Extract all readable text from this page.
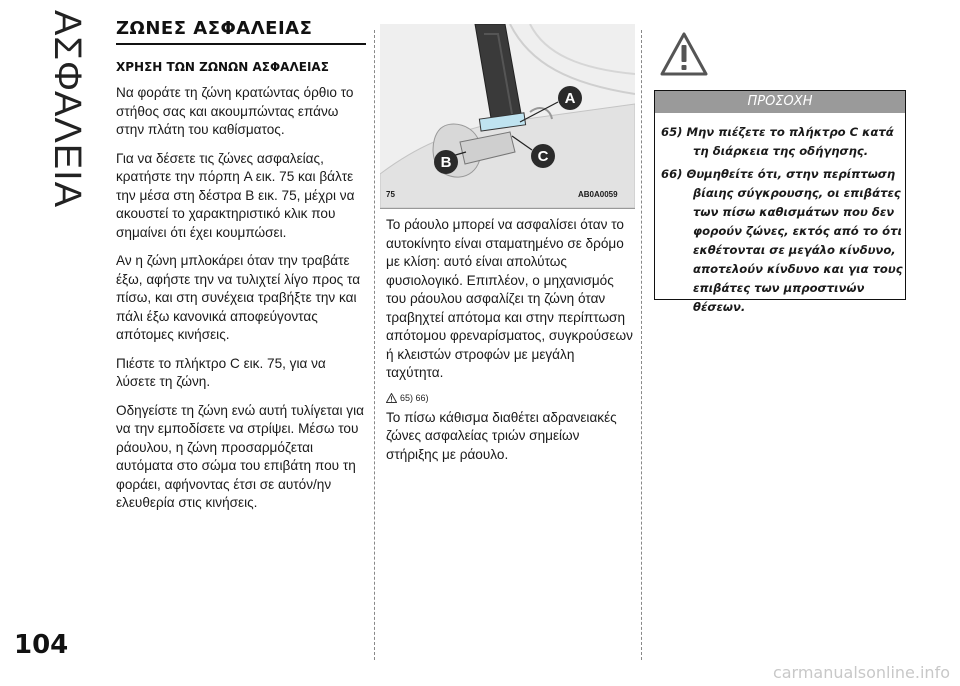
ΑΣΦΑΛΕΙΑ
104
ΖΩΝΕΣ ΑΣΦΑΛΕΙΑΣ
ΧΡΗΣΗ ΤΩΝ ΖΩΝΩΝ ΑΣΦΑΛΕΙΑΣ

Να φοράτε τη ζώνη κρατώντας όρθιο το στήθος σας και ακουμπώντας επάνω στην πλάτη του καθίσματος.

Για να δέσετε τις ζώνες ασφαλείας, κρατήστε την πόρπη A εικ. 75 και βάλτε την μέσα στη δέστρα B εικ. 75, μέχρι να ακουστεί το χαρακτηριστικό κλικ που σημαίνει ότι έχει κουμπώσει.

Αν η ζώνη μπλοκάρει όταν την τραβάτε έξω, αφήστε την να τυλιχτεί λίγο προς τα πίσω, και στη συνέχεια τραβήξτε την και πάλι έξω κανονικά αποφεύγοντας απότομες κινήσεις.

Πιέστε το πλήκτρο C εικ. 75, για να λύσετε τη ζώνη.

Οδηγείστε τη ζώνη ενώ αυτή τυλίγεται για να την εμποδίσετε να στρίψει. Μέσω του ράουλου, η ζώνη προσαρμόζεται αυτόματα στο σώμα του επιβάτη που τη φοράει, αφήνοντας έτσι σε αυτόν/ην ελευθερία στις κινήσεις.

A
B	C
75	AB0A0059

Το ράουλο μπορεί να ασφαλίσει όταν το αυτοκίνητο είναι σταματημένο σε δρόμο με κλίση: αυτό είναι απολύτως φυσιολογικό. Επιπλέον, ο μηχανισμός του ράουλου ασφαλίζει τη ζώνη όταν τραβηχτεί απότομα και στην περίπτωση απότομου φρεναρίσματος, συγκρούσεων ή κλειστών στροφών με μεγάλη ταχύτητα.

65) 66)

Το πίσω κάθισμα διαθέτει αδρανειακές ζώνες ασφαλείας τριών σημείων στήριξης με ράουλο.

ΠΡΟΣΟΧΗ
65) Μην πιέζετε το πλήκτρο C κατά τη διάρκεια της οδήγησης.
66) Θυμηθείτε ότι, στην περίπτωση βίαιης σύγκρουσης, οι επιβάτες των πίσω καθισμάτων που δεν φορούν ζώνες, εκτός από το ότι εκθέτονται σε μεγάλο κίνδυνο, αποτελούν κίνδυνο και για τους επιβάτες των μπροστινών θέσεων.
carmanualsonline.info
